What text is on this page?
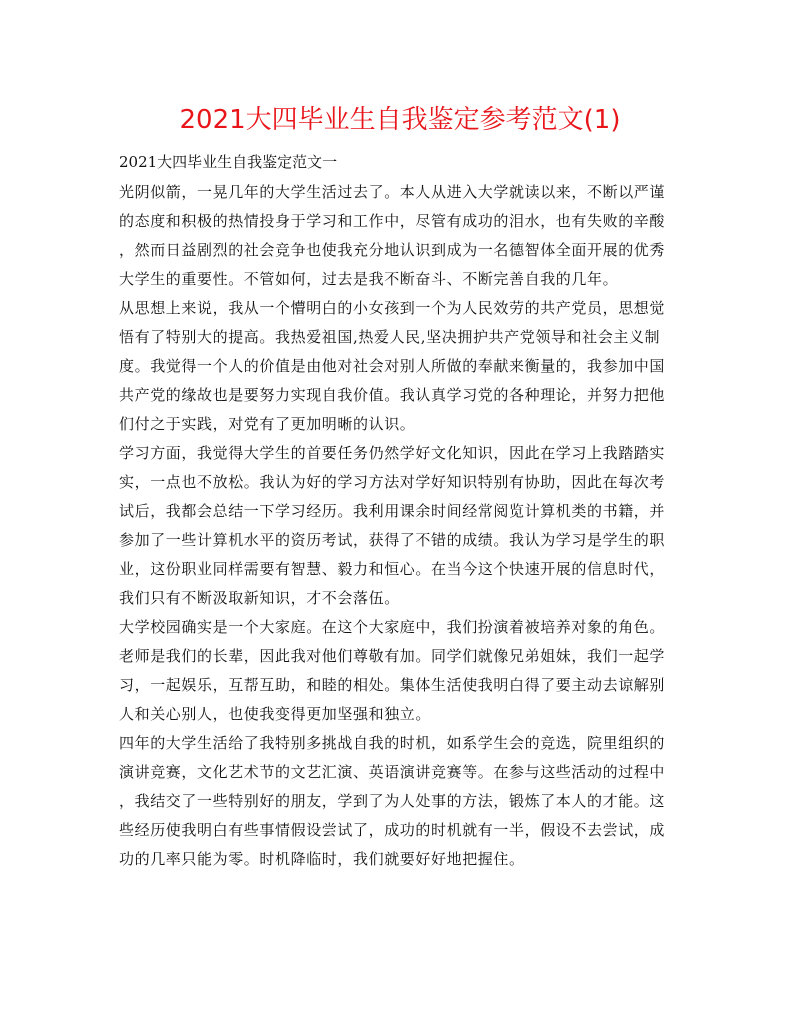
2021大四毕业生自我鉴定参考范文(1)
2021大四毕业生自我鉴定范文一
光阴似箭，一晃几年的大学生活过去了。本人从进入大学就读以来，不断以严谨
的态度和积极的热情投身于学习和工作中，尽管有成功的泪水，也有失败的辛酸
，然而日益剧烈的社会竞争也使我充分地认识到成为一名德智体全面开展的优秀
大学生的重要性。不管如何，过去是我不断奋斗、不断完善自我的几年。
从思想上来说，我从一个懵明白的小女孩到一个为人民效劳的共产党员，思想觉
悟有了特别大的提高。我热爱祖国,热爱人民,坚决拥护共产党领导和社会主义制
度。我觉得一个人的价值是由他对社会对别人所做的奉献来衡量的，我参加中国
共产党的缘故也是要努力实现自我价值。我认真学习党的各种理论，并努力把他
们付之于实践，对党有了更加明晰的认识。
学习方面，我觉得大学生的首要任务仍然学好文化知识，因此在学习上我踏踏实
实，一点也不放松。我认为好的学习方法对学好知识特别有协助，因此在每次考
试后，我都会总结一下学习经历。我利用课余时间经常阅览计算机类的书籍，并
参加了一些计算机水平的资历考试，获得了不错的成绩。我认为学习是学生的职
业，这份职业同样需要有智慧、毅力和恒心。在当今这个快速开展的信息时代，
我们只有不断汲取新知识，才不会落伍。
大学校园确实是一个大家庭。在这个大家庭中，我们扮演着被培养对象的角色。
老师是我们的长辈，因此我对他们尊敬有加。同学们就像兄弟姐妹，我们一起学
习，一起娱乐，互帮互助，和睦的相处。集体生活使我明白得了要主动去谅解别
人和关心别人，也使我变得更加坚强和独立。
四年的大学生活给了我特别多挑战自我的时机，如系学生会的竞选，院里组织的
演讲竞赛，文化艺术节的文艺汇演、英语演讲竞赛等。在参与这些活动的过程中
，我结交了一些特别好的朋友，学到了为人处事的方法，锻炼了本人的才能。这
些经历使我明白有些事情假设尝试了，成功的时机就有一半，假设不去尝试，成
功的几率只能为零。时机降临时，我们就要好好地把握住。
